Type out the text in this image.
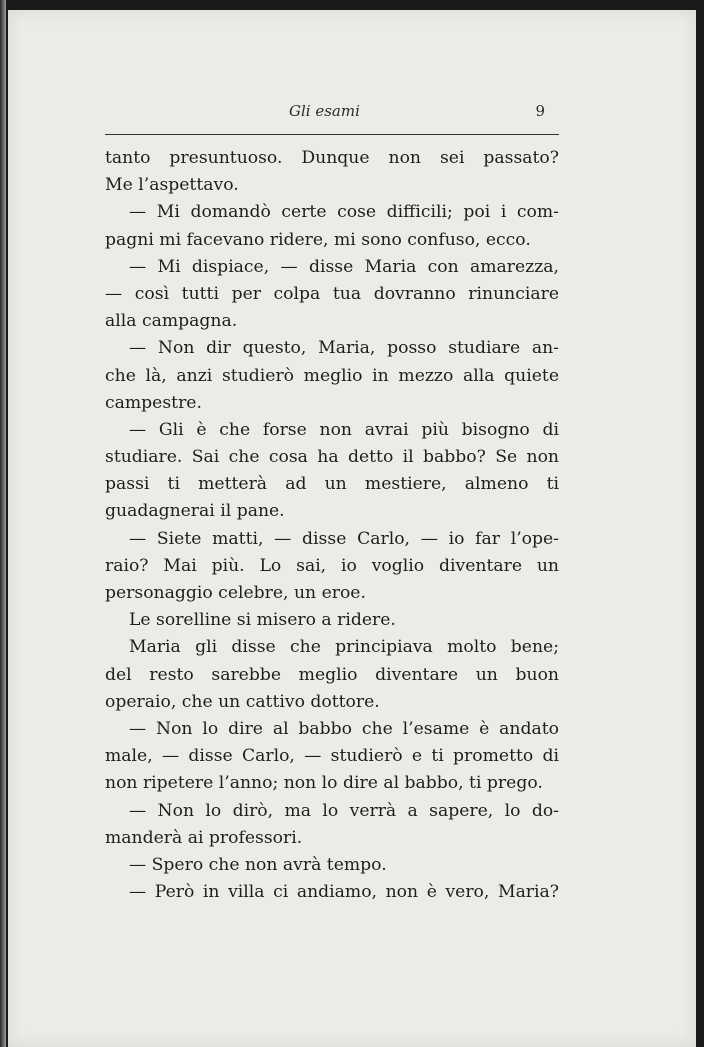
Gli esami	9
tanto presuntuoso. Dunque non sei passato?
Me l’aspettavo.
— Mi domandò certe cose difficili; poi i com-
pagni mi facevano ridere, mi sono confuso, ecco.
— Mi dispiace, — disse Maria con amarezza,
— così tutti per colpa tua dovranno rinunciare
alla campagna.
— Non dir questo, Maria, posso studiare an-
che là, anzi studierò meglio in mezzo alla quiete
campestre.
— Gli è che forse non avrai più bisogno di
studiare. Sai che cosa ha detto il babbo? Se non
passi ti metterà ad un mestiere, almeno ti
guadagnerai il pane.
— Siete matti, — disse Carlo, — io far l’ope-
raio? Mai più. Lo sai, io voglio diventare un
personaggio celebre, un eroe.
Le sorelline si misero a ridere.
Maria gli disse che principiava molto bene;
del resto sarebbe meglio diventare un buon
operaio, che un cattivo dottore.
— Non lo dire al babbo che l’esame è andato
male, — disse Carlo, — studierò e ti prometto di
non ripetere l’anno; non lo dire al babbo, ti prego.
— Non lo dirò, ma lo verrà a sapere, lo do-
manderà ai professori.
— Spero che non avrà tempo.
— Però in villa ci andiamo, non è vero, Maria?
